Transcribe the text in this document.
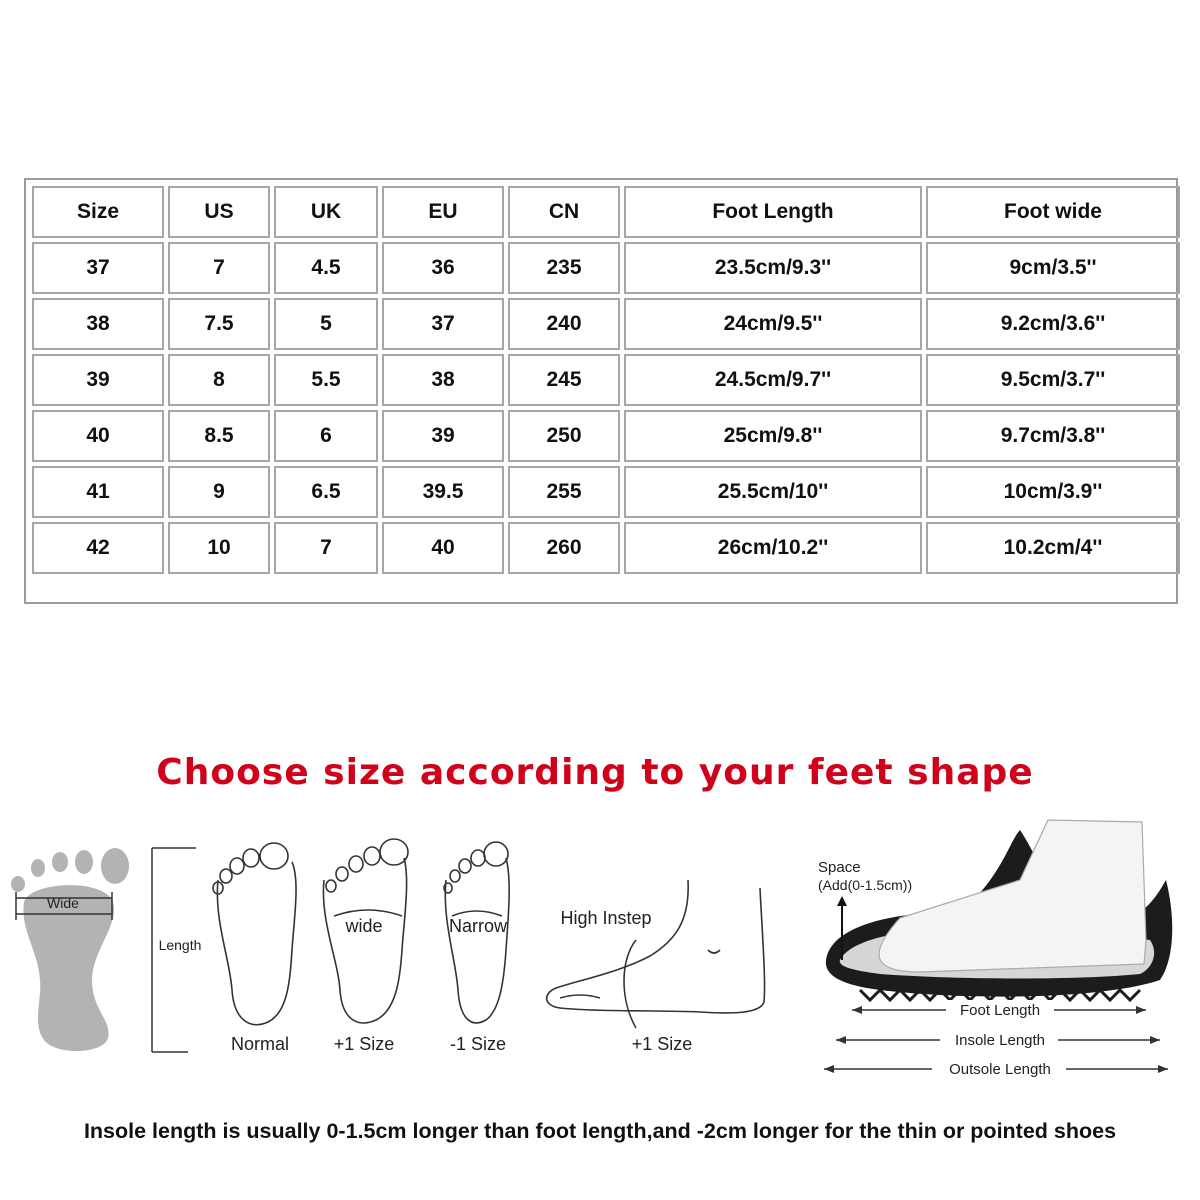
Size	US	UK	EU	CN	Foot Length	Foot wide
37	7	4.5	36	235	23.5cm/9.3''	9cm/3.5''
38	7.5	5	37	240	24cm/9.5''	9.2cm/3.6''
39	8	5.5	38	245	24.5cm/9.7''	9.5cm/3.7''
40	8.5	6	39	250	25cm/9.8''	9.7cm/3.8''
41	9	6.5	39.5	255	25.5cm/10''	10cm/3.9''
42	10	7	40	260	26cm/10.2''	10.2cm/4''
Choose size according to your feet shape
Wide
Length
Normal
wide
+1 Size
Narrow
-1 Size
High Instep
+1 Size
Space
(Add(0-1.5cm))
Foot Length
Insole Length
Outsole Length
Insole length is usually 0-1.5cm longer than foot length,and -2cm longer for the thin or pointed shoes
